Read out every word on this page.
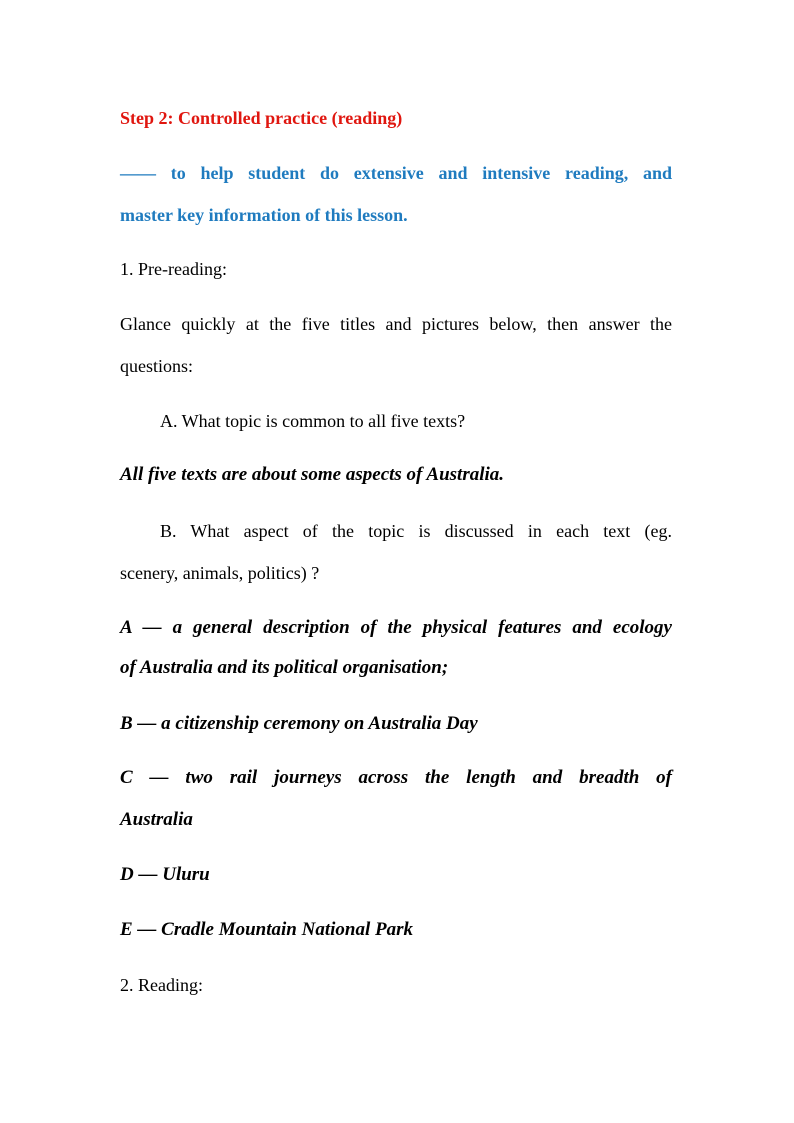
Step 2: Controlled practice (reading)
—— to help student do extensive and intensive reading, and
master key information of this lesson.
1. Pre-reading:
Glance quickly at the five titles and pictures below, then answer the
questions:
A. What topic is common to all five texts?
All five texts are about some aspects of Australia.
B. What aspect of the topic is discussed in each text (eg.
scenery, animals, politics) ?
A — a general description of the physical features and ecology
of Australia and its political organisation;
B — a citizenship ceremony on Australia Day
C — two rail journeys across the length and breadth of
Australia
D — Uluru
E — Cradle Mountain National Park
2. Reading:
